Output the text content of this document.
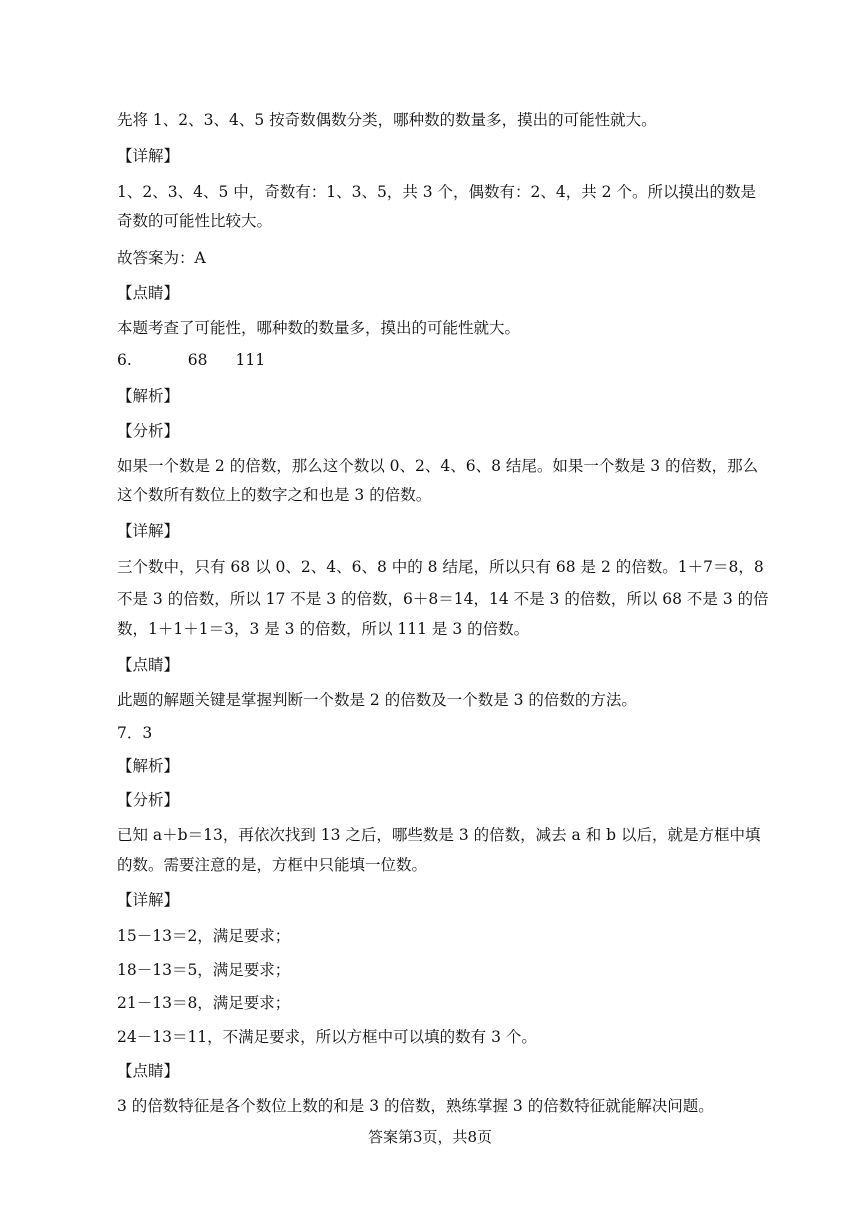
先将 1、2、3、4、5 按奇数偶数分类，哪种数的数量多，摸出的可能性就大。
【详解】
1、2、3、4、5 中，奇数有：1、3、5，共 3 个，偶数有：2、4，共 2 个。所以摸出的数是
奇数的可能性比较大。
故答案为：A
【点睛】
本题考查了可能性，哪种数的数量多，摸出的可能性就大。
6.	68 111
【解析】
【分析】
如果一个数是 2 的倍数，那么这个数以 0、2、4、6、8 结尾。如果一个数是 3 的倍数，那么
这个数所有数位上的数字之和也是 3 的倍数。
【详解】
三个数中，只有 68 以 0、2、4、6、8 中的 8 结尾，所以只有 68 是 2 的倍数。1＋7＝8，8
不是 3 的倍数，所以 17 不是 3 的倍数，6＋8＝14，14 不是 3 的倍数，所以 68 不是 3 的倍
数，1＋1＋1＝3，3 是 3 的倍数，所以 111 是 3 的倍数。
【点睛】
此题的解题关键是掌握判断一个数是 2 的倍数及一个数是 3 的倍数的方法。
7．3
【解析】
【分析】
已知 a＋b＝13，再依次找到 13 之后，哪些数是 3 的倍数，减去 a 和 b 以后，就是方框中填
的数。需要注意的是，方框中只能填一位数。
【详解】
15－13＝2，满足要求；
18－13＝5，满足要求；
21－13＝8，满足要求；
24－13＝11，不满足要求，所以方框中可以填的数有 3 个。
【点睛】
3 的倍数特征是各个数位上数的和是 3 的倍数，熟练掌握 3 的倍数特征就能解决问题。
答案第3页，共8页
